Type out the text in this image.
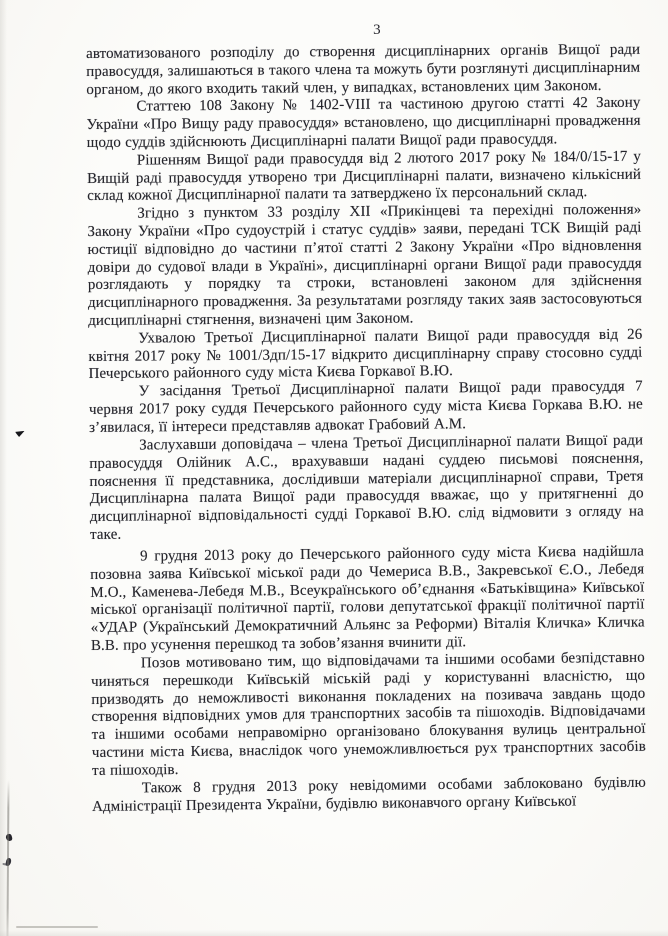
3

автоматизованого розподілу до створення дисциплінарних органів Вищої ради правосуддя, залишаються в такого члена та можуть бути розглянуті дисциплінарним органом, до якого входить такий член, у випадках, встановлених цим Законом.

Статтею 108 Закону № 1402-VIII та частиною другою статті 42 Закону України «Про Вищу раду правосуддя» встановлено, що дисциплінарні провадження щодо суддів здійснюють Дисциплінарні палати Вищої ради правосуддя.

Рішенням Вищої ради правосуддя від 2 лютого 2017 року № 184/0/15-17 у Вищій раді правосуддя утворено три Дисциплінарні палати, визначено кількісний склад кожної Дисциплінарної палати та затверджено їх персональний склад.

Згідно з пунктом 33 розділу XII «Прикінцеві та перехідні положення» Закону України «Про судоустрій і статус суддів» заяви, передані ТСК Вищій раді юстиції відповідно до частини п’ятої статті 2 Закону України «Про відновлення довіри до судової влади в Україні», дисциплінарні органи Вищої ради правосуддя розглядають у порядку та строки, встановлені законом для здійснення дисциплінарного провадження. За результатами розгляду таких заяв застосовуються дисциплінарні стягнення, визначені цим Законом.

Ухвалою Третьої Дисциплінарної палати Вищої ради правосуддя від 26 квітня 2017 року № 1001/3дп/15-17 відкрито дисциплінарну справу стосовно судді Печерського районного суду міста Києва Горкавої В.Ю.

У засідання Третьої Дисциплінарної палати Вищої ради правосуддя 7 червня 2017 року суддя Печерського районного суду міста Києва Горкава В.Ю. не з’явилася, її інтереси представляв адвокат Грабовий А.М.

Заслухавши доповідача – члена Третьої Дисциплінарної палати Вищої ради правосуддя Олійник А.С., врахувавши надані суддею письмові пояснення, пояснення її представника, дослідивши матеріали дисциплінарної справи, Третя Дисциплінарна палата Вищої ради правосуддя вважає, що у притягненні до дисциплінарної відповідальності судді Горкавої В.Ю. слід відмовити з огляду на таке.

9 грудня 2013 року до Печерського районного суду міста Києва надійшла позовна заява Київської міської ради до Чемериса В.В., Закревської Є.О., Лебедя М.О., Каменева-Лебедя М.В., Всеукраїнського об’єднання «Батьківщина» Київської міської організації політичної партії, голови депутатської фракції політичної партії «УДАР (Український Демократичний Альянс за Реформи) Віталія Кличка» Кличка В.В. про усунення перешкод та зобов’язання вчинити дії.

Позов мотивовано тим, що відповідачами та іншими особами безпідставно чиняться перешкоди Київській міській раді у користуванні власністю, що призводять до неможливості виконання покладених на позивача завдань щодо створення відповідних умов для транспортних засобів та пішоходів. Відповідачами та іншими особами неправомірно організовано блокування вулиць центральної частини міста Києва, внаслідок чого унеможливлюється рух транспортних засобів та пішоходів.

Також 8 грудня 2013 року невідомими особами заблоковано будівлю Адміністрації Президента України, будівлю виконавчого органу Київської
